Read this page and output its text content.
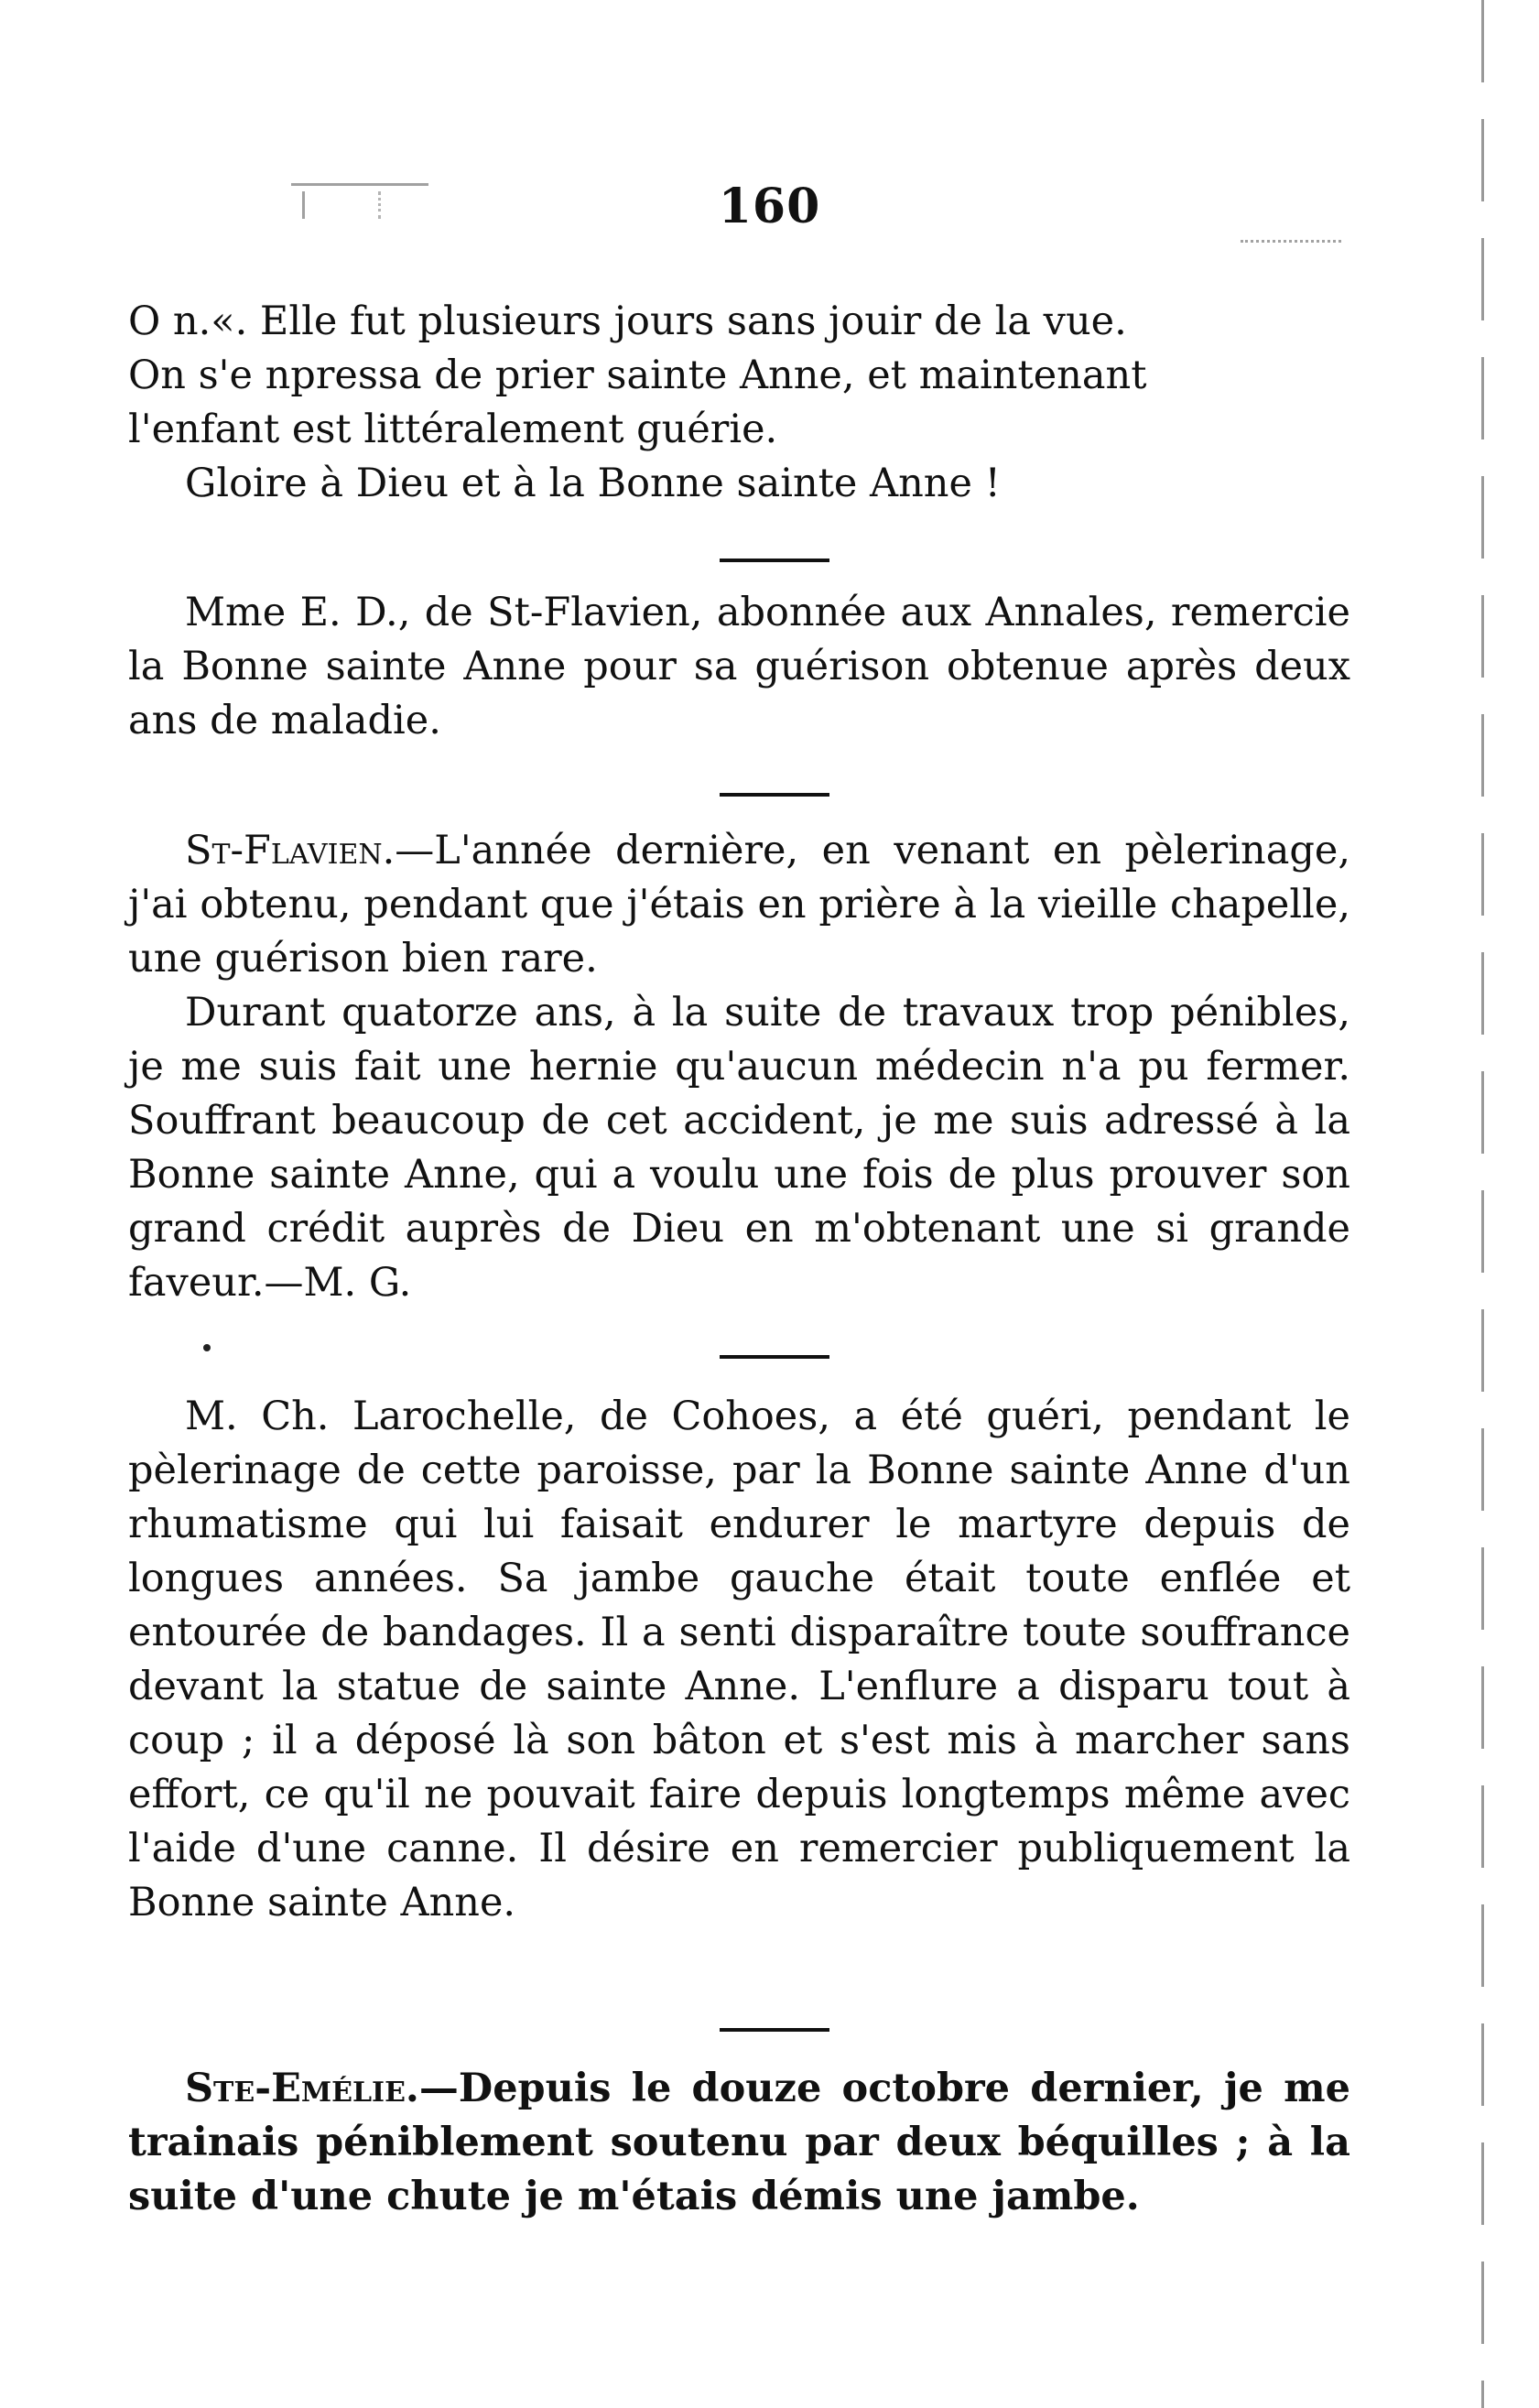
160

O n.«. Elle fut plusieurs jours sans jouir de la vue.

On s'e npressa de prier sainte Anne, et maintenant

l'enfant est littéralement guérie.

Gloire à Dieu et à la Bonne sainte Anne !

Mme E. D., de St-Flavien, abonnée aux Annales, remercie la Bonne sainte Anne pour sa guérison obtenue après deux ans de maladie.

St-Flavien.—L'année dernière, en venant en pèlerinage, j'ai obtenu, pendant que j'étais en prière à la vieille chapelle, une guérison bien rare.

Durant quatorze ans, à la suite de travaux trop pénibles, je me suis fait une hernie qu'aucun médecin n'a pu fermer. Souffrant beaucoup de cet accident, je me suis adressé à la Bonne sainte Anne, qui a voulu une fois de plus prouver son grand crédit auprès de Dieu en m'obtenant une si grande faveur.—M. G.

M. Ch. Larochelle, de Cohoes, a été guéri, pendant le pèlerinage de cette paroisse, par la Bonne sainte Anne d'un rhumatisme qui lui faisait endurer le martyre depuis de longues années. Sa jambe gauche était toute enflée et entourée de bandages. Il a senti disparaître toute souffrance devant la statue de sainte Anne. L'enflure a disparu tout à coup ; il a déposé là son bâton et s'est mis à marcher sans effort, ce qu'il ne pouvait faire depuis longtemps même avec l'aide d'une canne. Il désire en remercier publiquement la Bonne sainte Anne.

Ste-Emélie.—Depuis le douze octobre dernier, je me trainais péniblement soutenu par deux béquilles ; à la suite d'une chute je m'étais démis une jambe.
